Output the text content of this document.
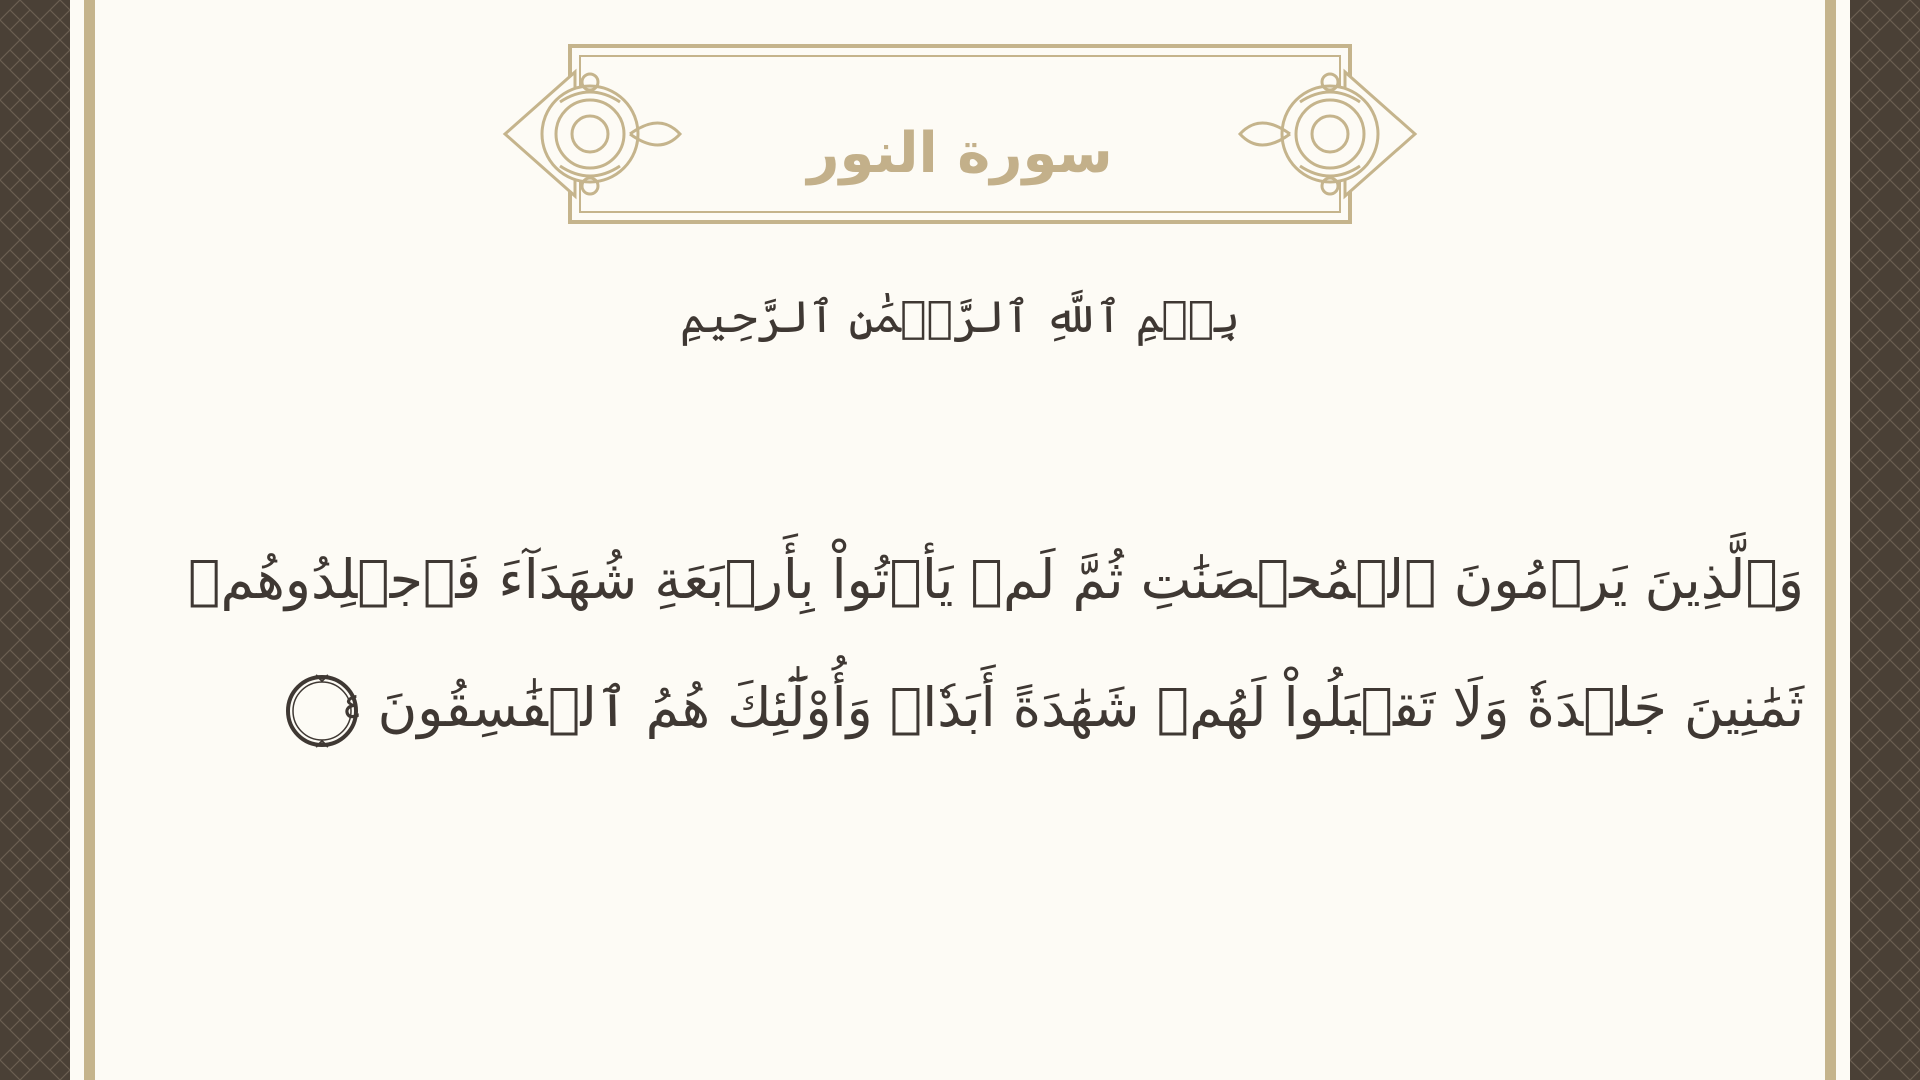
سورة النور
بِسۡمِ ٱللَّهِ ٱلرَّحۡمَٰنِ ٱلرَّحِيمِ
وَٱلَّذِينَ يَرۡمُونَ ٱلۡمُحۡصَنَٰتِ ثُمَّ لَمۡ يَأۡتُواْ بِأَرۡبَعَةِ شُهَدَآءَ فَٱجۡلِدُوهُمۡ
ثَمَٰنِينَ جَلۡدَةٗ وَلَا تَقۡبَلُواْ لَهُمۡ شَهَٰدَةً أَبَدٗاۚ وَأُوْلَٰٓئِكَ هُمُ ٱلۡفَٰسِقُونَ
٤
